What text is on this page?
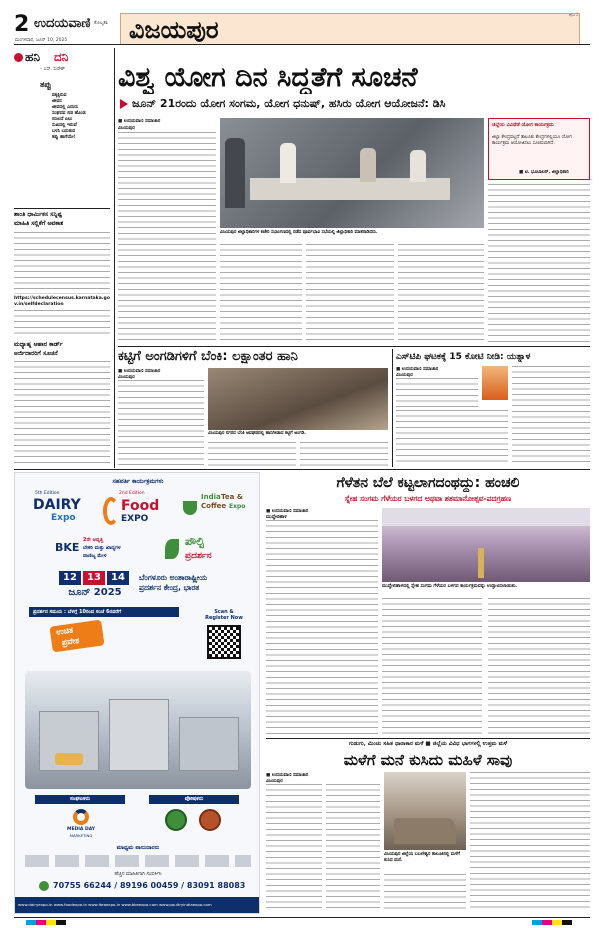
2 ಉದಯವಾಣಿ ಕೊಲ್ಕತಾ
ಮಂಗಳವಾರ, ಜೂನ್ 10, 2025	ವಿಜಯಪುರ
ಪುಟ 2
ಹನಿ ದನಿ
– ಎಸ್. ಸುರೇಶ್
ತಪ್ಪು
ಪಕ್ಕಕ್ಕಿರುವ
ಜೀವನ
ಜೀವದಲ್ಲಿ ಎದುರು
ಸಂಘದವ ಬಿಡ ಹೊಂಡ
ಬಿಸಿಲದೆ ಏಲು
ಸುಖದಲ್ಲಿ ಇರುವೆ
ಬಳಸಿ ಬದುಕುವ
ತಪ್ಪು ಹಾಗೆಯೇ!
ಶಾಂತಿ ಧಾರ್ಮಿಕಸ ಸನ್ನಿಷ್ಟ
ಮಾಹಿತಿ ಸಲ್ಲಿಕೆಗೆ ಅವಕಾಶ
https://schedulecensus.karnataka.gov.in/selfdeclaration
ಮಧ್ಯಾಹ್ನ ಆಹಾರ ಕಾರ್ಡ್
ಅರ್ಜಿದಾರರಿಗೆ ಸೂಚನೆ
ವಿಶ್ವ ಯೋಗ ದಿನ ಸಿದ್ಧತೆಗೆ ಸೂಚನೆ
ಜೂನ್ 21ರಂದು ಯೋಗ ಸಂಗಮ, ಯೋಗ ಧನುಷ್, ಹಸಿರು ಯೋಗ ಆಯೋಜನೆ: ಡಿಸಿ
■ ಉದಯವಾಣಿ ಸಮಾಚಾರ
ವಿಜಯಪುರ
ವಿಜಯಪುರ ಜಿಲ್ಲಾಧಿಕಾರಿಗಳ ಕಚೇರಿ ಸಭಾಂಗಣದಲ್ಲಿ ನಡೆದ ಪೂರ್ವಭಾವಿ ಸಭೆಯಲ್ಲಿ ಜಿಲ್ಲಾಧಿಕಾರಿ ಮಾತನಾಡಿದರು.
ಜಿಲ್ಲೆಯ ವಿವಿಧೆಡೆ ಯೋಗ ಕಾರ್ಯಕ್ರಮ
ಜಿಲ್ಲಾ ಕೇಂದ್ರವಲ್ಲದೆ ತಾಲೂಕು ಕೇಂದ್ರಗಳಲ್ಲಿಯೂ ಯೋಗ ಕಾರ್ಯಕ್ರಮ ಆಯೋಜಿಸಲು ಸೂಚಿಸಲಾಗಿದೆ.
■ ಟಿ. ಭೂಬಾಲನ್, ಜಿಲ್ಲಾಧಿಕಾರಿ
ಕಟ್ಟಿಗೆ ಅಂಗಡಿಗಳಿಗೆ ಬೆಂಕಿ: ಲಕ್ಷಾಂತರ ಹಾನಿ
■ ಉದಯವಾಣಿ ಸಮಾಚಾರ
ವಿಜಯಪುರ
ವಿಜಯಪುರ ನಗರದ ಬೆಂಕಿ ಅವಘಡದಲ್ಲಿ ಹಾನಿಗೀಡಾದ ಕಟ್ಟಿಗೆ ಅಂಗಡಿ.
ಎಸ್‌ಟಿಪಿ ಘಟಕಕ್ಕೆ 15 ಕೋಟಿ ನೀಡಿ: ಯತ್ನಾಳ
■ ಉದಯವಾಣಿ ಸಮಾಚಾರ
ವಿಜಯಪುರ
ಸಹವರ್ತಿ ಕಾರ್ಯಕ್ರಮಗಳು
5th Edition
DAIRY
Expo
2nd Edition
Food
EXPO
India Tea &
Coffee Expo
BKE
2ನೇ ಆವೃತ್ತಿ
ಬೇಕರಿ ಮತ್ತು ಖಾದ್ಯಗಳ
ವಾಣಿಜ್ಯ ಮೇಳ
ಪೌಲ್ಟ್ರಿ
ಪ್ರದರ್ಶನ
12	13	14
ಜೂನ್ 2025
ಬೆಂಗಳೂರು ಅಂತಾರಾಷ್ಟ್ರೀಯ
ಪ್ರದರ್ಶನ ಕೇಂದ್ರ, ಭಾರತ
ಪ್ರದರ್ಶನ ಸಮಯ : ಬೆಳಗ್ಗೆ 10ರಿಂದ ಸಂಜೆ 6ರವರೆಗೆ
ಉಚಿತ
ಪ್ರವೇಶ
Scan &
Register Now
ಸಂಘಟಕರು	ಪೋಷಕರು
MEDIA DAY
MARKETING
ಮಾಧ್ಯಮ ಪಾಲುದಾರರು
ಹೆಚ್ಚಿನ ಮಾಹಿತಿಗಾಗಿ ಸಂಪರ್ಕಿಸಿ
70755 66244 / 89196 00459 / 83091 88083
www.dairyexpo.in www.foodexpo.in www.iteaexpo.in www.bkeexpo.com www.poultryindiaexpo.com
ಗೆಳೆತನ ಬೆಲೆ ಕಟ್ಟಲಾಗದಂಥದ್ದು: ಹಂಚಲಿ
ಸ್ನೇಹ ಸಂಗಮ ಗೆಳೆಯರ ಬಳಗದ ಅಥವಾ ಶತಮಾನೋತ್ಸವ-ಪದಗ್ರಹಣ
■ ಉದಯವಾಣಿ ಸಮಾಚಾರ
ಮುದ್ದೇಬಿಹಾಳ
ಮುದ್ದೇಬಿಹಾಳದಲ್ಲಿ ಸ್ನೇಹ ಸಂಗಮ ಗೆಳೆಯರ ಬಳಗದ ಕಾರ್ಯಕ್ರಮವನ್ನು ಉದ್ಘಾಟಿಸಲಾಯಿತು.
ಗುಡುಗು, ಮಿಂಚು ಸಹಿತ ಧಾರಾಕಾರ ಮಳೆ ■ ಜಿಲ್ಲೆಯ ವಿವಿಧ ಭಾಗಗಳಲ್ಲಿ ಉತ್ತಮ ಮಳೆ
ಮಳೆಗೆ ಮನೆ ಕುಸಿದು ಮಹಿಳೆ ಸಾವು
■ ಉದಯವಾಣಿ ಸಮಾಚಾರ
ವಿಜಯಪುರ
ವಿಜಯಪುರ ಜಿಲ್ಲೆಯ ಬಬಲೇಶ್ವರ ತಾಲೂಕಿನಲ್ಲಿ ಮಳೆಗೆ ಕುಸಿದ ಮನೆ.
